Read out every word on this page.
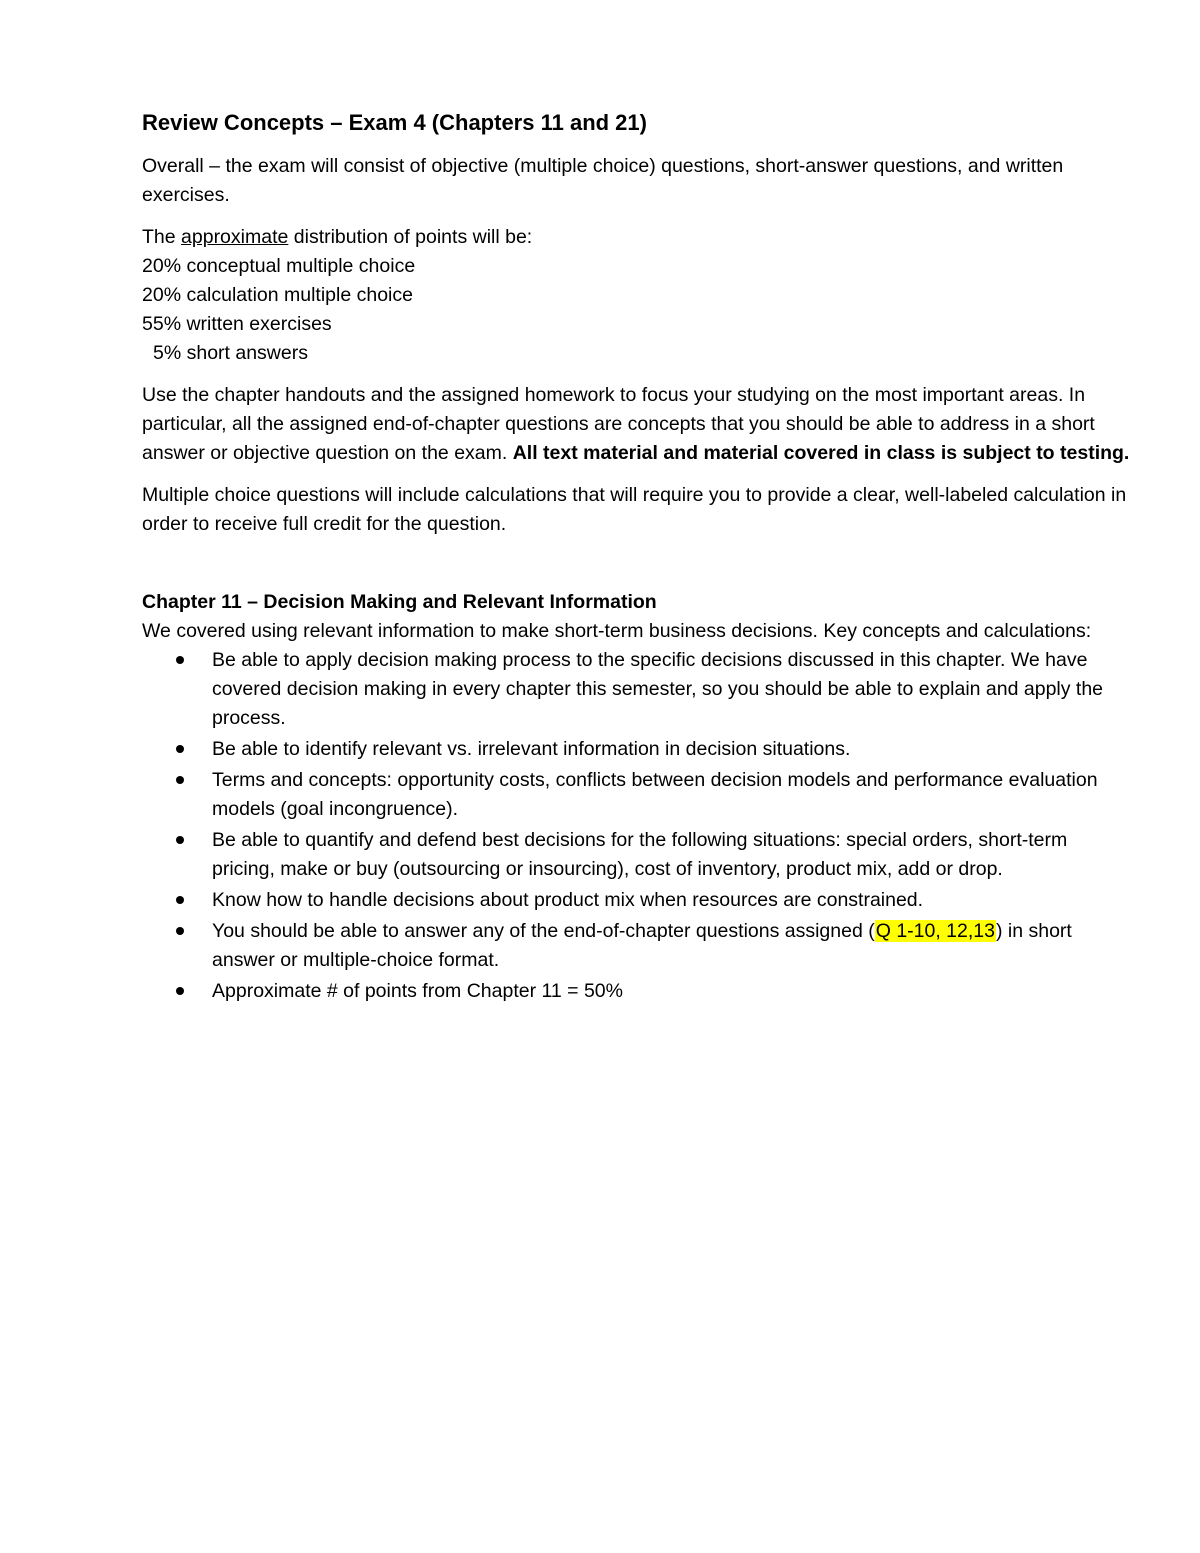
Review Concepts – Exam 4 (Chapters 11 and 21)

Overall – the exam will consist of objective (multiple choice) questions, short-answer questions, and written exercises.

The approximate distribution of points will be:
20% conceptual multiple choice
20% calculation multiple choice
55% written exercises
5% short answers

Use the chapter handouts and the assigned homework to focus your studying on the most important areas. In particular, all the assigned end-of-chapter questions are concepts that you should be able to address in a short answer or objective question on the exam. All text material and material covered in class is subject to testing.

Multiple choice questions will include calculations that will require you to provide a clear, well-labeled calculation in order to receive full credit for the question.

Chapter 11 – Decision Making and Relevant Information
We covered using relevant information to make short-term business decisions. Key concepts and calculations:
Be able to apply decision making process to the specific decisions discussed in this chapter. We have covered decision making in every chapter this semester, so you should be able to explain and apply the process.
Be able to identify relevant vs. irrelevant information in decision situations.
Terms and concepts: opportunity costs, conflicts between decision models and performance evaluation models (goal incongruence).
Be able to quantify and defend best decisions for the following situations: special orders, short-term pricing, make or buy (outsourcing or insourcing), cost of inventory, product mix, add or drop.
Know how to handle decisions about product mix when resources are constrained.
You should be able to answer any of the end-of-chapter questions assigned (Q 1-10, 12,13) in short answer or multiple-choice format.
Approximate # of points from Chapter 11 = 50%
